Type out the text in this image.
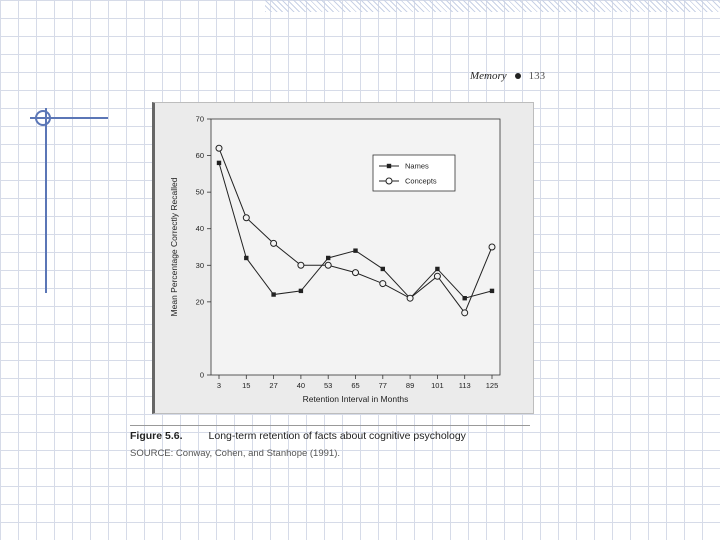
Memory 133
0
20
30
40
50
60
70
3	15	27	40	53	65	77	89 101 113 125
Retention Interval in Months
Mean Percentage Correctly Recalled
Names
Concepts
Figure 5.6. Long-term retention of facts about cognitive psychology
SOURCE: Conway, Cohen, and Stanhope (1991).
